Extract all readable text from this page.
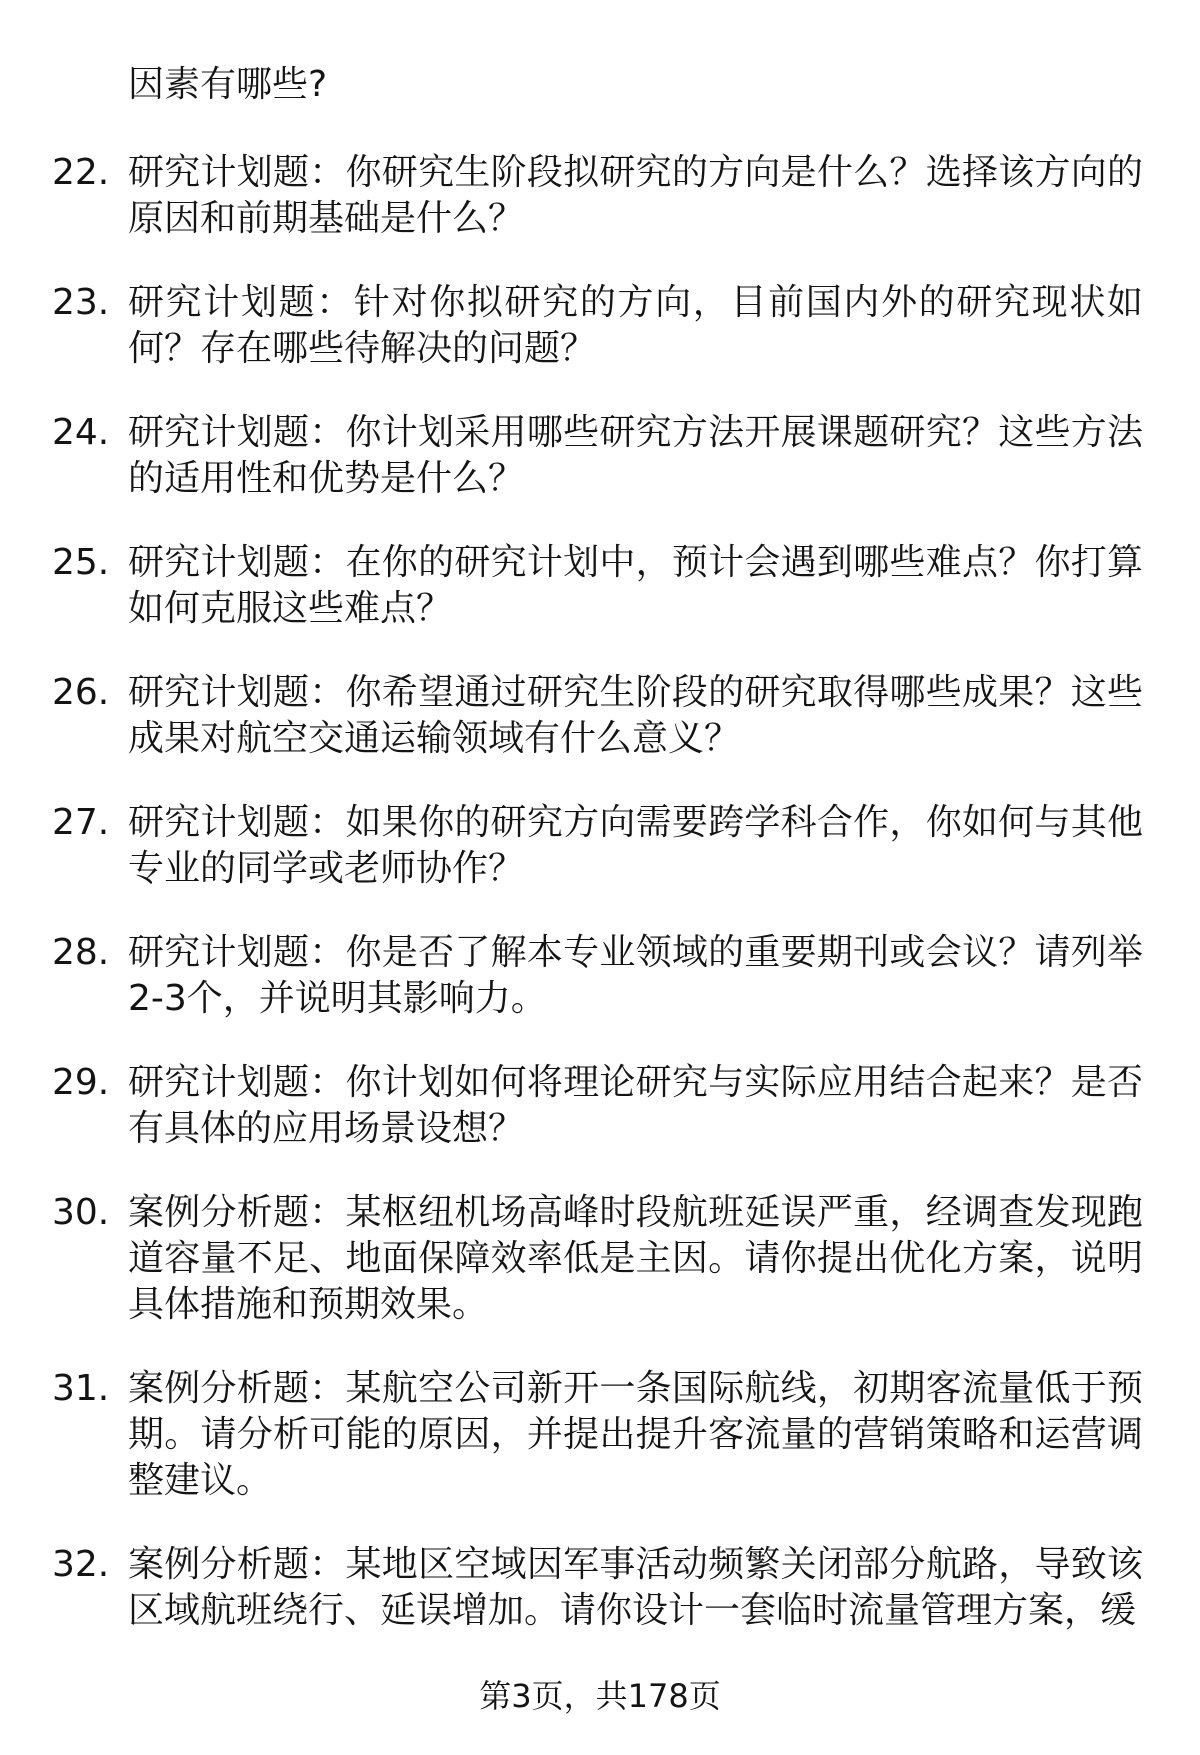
因素有哪些?
22. 研究计划题：你研究生阶段拟研究的方向是什么？选择该方向的原因和前期基础是什么？
23. 研究计划题：针对你拟研究的方向，目前国内外的研究现状如何？存在哪些待解决的问题？
24. 研究计划题：你计划采用哪些研究方法开展课题研究？这些方法的适用性和优势是什么？
25. 研究计划题：在你的研究计划中，预计会遇到哪些难点？你打算如何克服这些难点？
26. 研究计划题：你希望通过研究生阶段的研究取得哪些成果？这些成果对航空交通运输领域有什么意义？
27. 研究计划题：如果你的研究方向需要跨学科合作，你如何与其他专业的同学或老师协作？
28. 研究计划题：你是否了解本专业领域的重要期刊或会议？请列举2-3个，并说明其影响力。
29. 研究计划题：你计划如何将理论研究与实际应用结合起来？是否有具体的应用场景设想？
30. 案例分析题：某枢纽机场高峰时段航班延误严重，经调查发现跑道容量不足、地面保障效率低是主因。请你提出优化方案，说明具体措施和预期效果。
31. 案例分析题：某航空公司新开一条国际航线，初期客流量低于预期。请分析可能的原因，并提出提升客流量的营销策略和运营调整建议。
32. 案例分析题：某地区空域因军事活动频繁关闭部分航路，导致该区域航班绕行、延误增加。请你设计一套临时流量管理方案，缓
第3页，共178页
